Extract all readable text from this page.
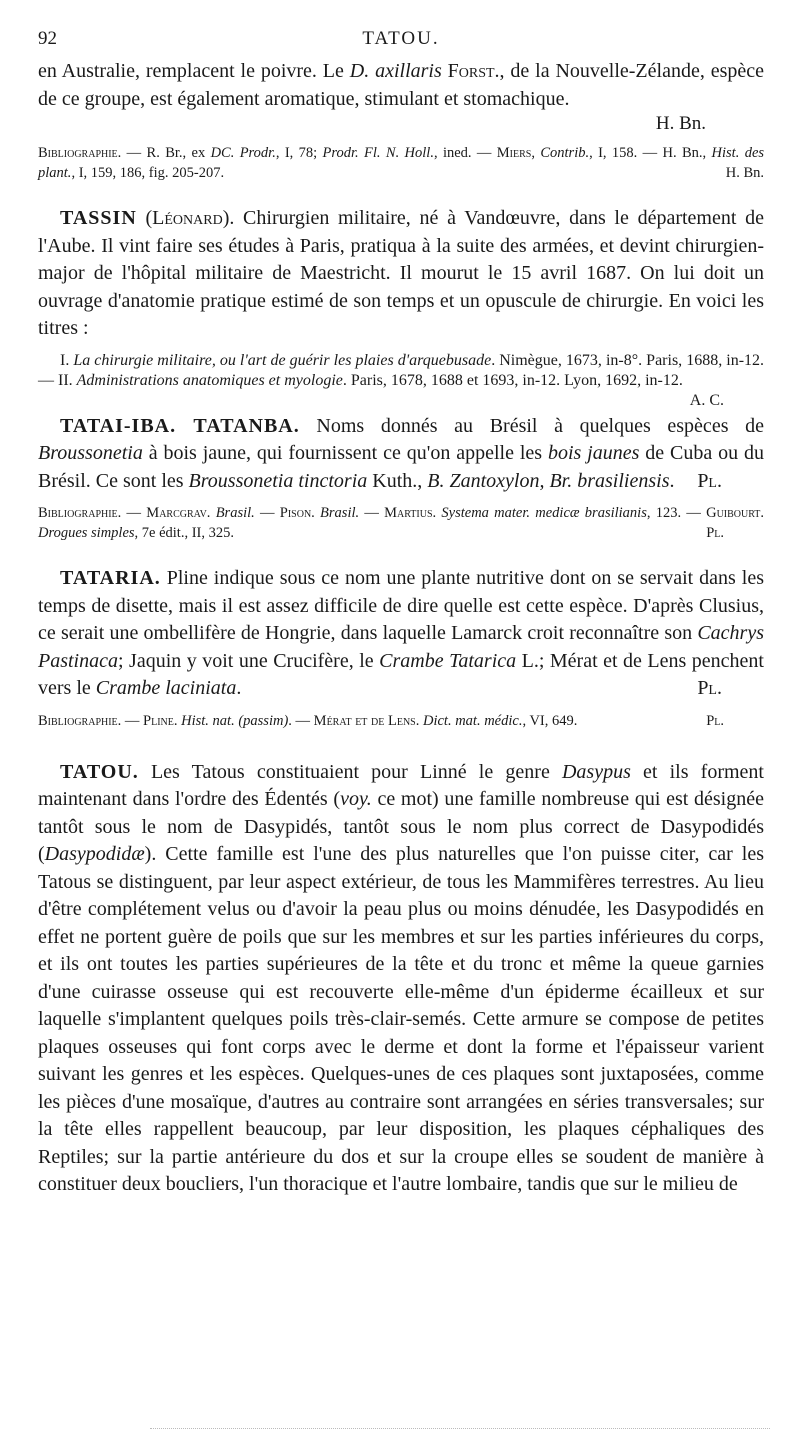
92	TATOU.

en Australie, remplacent le poivre. Le D. axillaris Forst., de la Nouvelle-Zélande, espèce de ce groupe, est également aromatique, stimulant et stomachique.

H. Bn.

Bibliographie. — R. Br., ex DC. Prodr., I, 78; Prodr. Fl. N. Holl., ined. — Miers, Contrib., I, 158. — H. Bn., Hist. des plant., I, 159, 186, fig. 205-207.	H. Bn.

TASSIN (Léonard). Chirurgien militaire, né à Vandœuvre, dans le département de l'Aube. Il vint faire ses études à Paris, pratiqua à la suite des armées, et devint chirurgien-major de l'hôpital militaire de Maestricht. Il mourut le 15 avril 1687. On lui doit un ouvrage d'anatomie pratique estimé de son temps et un opuscule de chirurgie. En voici les titres :

I. La chirurgie militaire, ou l'art de guérir les plaies d'arquebusade. Nimègue, 1673, in-8°. Paris, 1688, in-12. — II. Administrations anatomiques et myologie. Paris, 1678, 1688 et 1693, in-12. Lyon, 1692, in-12.
A. C.

TATAI-IBA. TATANBA. Noms donnés au Brésil à quelques espèces de Broussonetia à bois jaune, qui fournissent ce qu'on appelle les bois jaunes de Cuba ou du Brésil. Ce sont les Broussonetia tinctoria Kuth., B. Zantoxylon, Br. brasiliensis.	Pl.

Bibliographie. — Marcgrav. Brasil. — Pison. Brasil. — Martius. Systema mater. medicæ brasilianis, 123. — Guibourt. Drogues simples, 7e édit., II, 325.	Pl.

TATARIA. Pline indique sous ce nom une plante nutritive dont on se servait dans les temps de disette, mais il est assez difficile de dire quelle est cette espèce. D'après Clusius, ce serait une ombellifère de Hongrie, dans laquelle Lamarck croit reconnaître son Cachrys Pastinaca; Jaquin y voit une Crucifère, le Crambe Tatarica L.; Mérat et de Lens penchent vers le Crambe laciniata.	Pl.

Bibliographie. — Pline. Hist. nat. (passim). — Mérat et de Lens. Dict. mat. médic., VI, 649.	Pl.

TATOU. Les Tatous constituaient pour Linné le genre Dasypus et ils forment maintenant dans l'ordre des Édentés (voy. ce mot) une famille nombreuse qui est désignée tantôt sous le nom de Dasypidés, tantôt sous le nom plus correct de Dasypodidés (Dasypodidæ). Cette famille est l'une des plus naturelles que l'on puisse citer, car les Tatous se distinguent, par leur aspect extérieur, de tous les Mammifères terrestres. Au lieu d'être complétement velus ou d'avoir la peau plus ou moins dénudée, les Dasypodidés en effet ne portent guère de poils que sur les membres et sur les parties inférieures du corps, et ils ont toutes les parties supérieures de la tête et du tronc et même la queue garnies d'une cuirasse osseuse qui est recouverte elle-même d'un épiderme écailleux et sur laquelle s'implantent quelques poils très-clair-semés. Cette armure se compose de petites plaques osseuses qui font corps avec le derme et dont la forme et l'épaisseur varient suivant les genres et les espèces. Quelques-unes de ces plaques sont juxtaposées, comme les pièces d'une mosaïque, d'autres au contraire sont arrangées en séries transversales; sur la tête elles rappellent beaucoup, par leur disposition, les plaques céphaliques des Reptiles; sur la partie antérieure du dos et sur la croupe elles se soudent de manière à constituer deux boucliers, l'un thoracique et l'autre lombaire, tandis que sur le milieu de
